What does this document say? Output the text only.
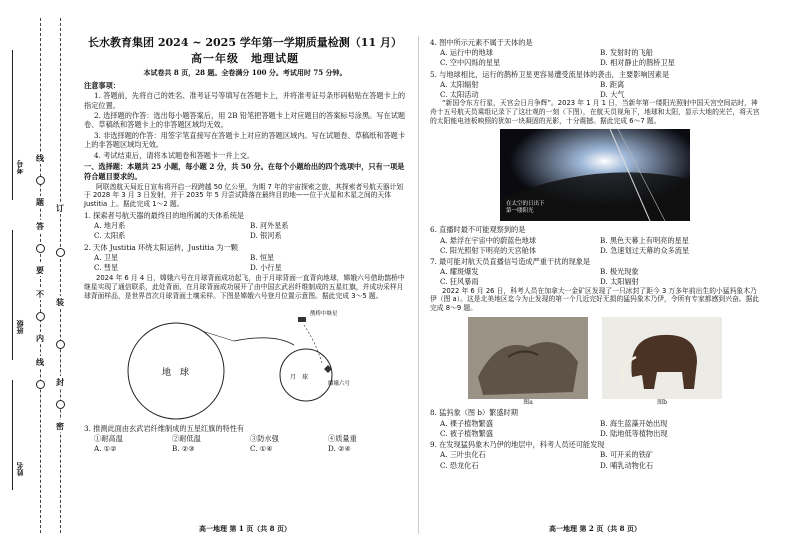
考号
班级
姓名
线
题
订
答
要
不
装
内
线
封
密
长水教育集团 2024 ~ 2025 学年第一学期质量检测（11 月）
高一年级　地理试题
本试卷共 8 页，28 题。全卷满分 100 分。考试用时 75 分钟。
注意事项：
1. 答题前，先将自己的姓名、准考证号等填写在答题卡上，并将准考证号条形码粘贴在答题卡上的指定位置。
2. 选择题的作答：选出每小题答案后，用 2B 铅笔把答题卡上对应题目的答案标号涂黑。写在试题卷、草稿纸和答题卡上的非答题区域均无效。
3. 非选择题的作答：用签字笔直接写在答题卡上对应的答题区域内。写在试题卷、草稿纸和答题卡上的非答题区域均无效。
4. 考试结束后，请将本试题卷和答题卡一并上交。
一、选择题：本题共 25 小题，每小题 2 分，共 50 分。在每个小题给出的四个选项中，只有一项是符合题目要求的。
阿联酋航天局近日宣布将开启一段跨越 50 亿公里，为期 7 年的宇宙探索之旅，其探索者号航天器计划于 2028 年 3 月 3 日发射，并于 2035 年 5 月尝试降落在最终目的地——位于火星和木星之间的天体 Justitia 上。据此完成 1～2 题。
1. 探索者号航天器的最终目的地所属的天体系统是
A. 地月系	B. 河外星系
C. 太阳系	D. 银河系
2. 天体 Justitia 环绕太阳运转，Justitia 为一颗
A. 卫星	B. 恒星
C. 彗星	D. 小行星
2024 年 6 月 4 日，嫦娥六号在月球背面成功起飞，由于月球背面一直背向地球，嫦娥六号借助鹊桥中继星实现了通信联系，此处背面，在月球背面成功展开了由中国玄武岩纤维制成的五星红旗，并成功采样月球背面样品，是世界首次月球背面土壤采样。下图是嫦娥六号登月位置示意图。据此完成 3～5 题。
地　球	月　球
鹊桥中继星
嫦娥六号
3. 推测此面由玄武岩纤维制成的五星红旗的特性有
①耐高温	②耐低温	③防水强	④质量重
A. ①②	B. ②③	C. ①④	D. ②④
高一地理 第 1 页（共 8 页）
4. 图中所示元素不属于天体的是
A. 运行中的地球	B. 发射时的飞船
C. 空中闪烁的星星	D. 相对静止的鹊桥卫星
5. 与地球相比，运行的鹊桥卫星更容易遭受流星体的袭击，主要影响因素是
A. 太阳辐射	B. 距离
C. 太阳活动	D. 大气
“新国令东方行星，天宫会日月争辉”。2023 年 1 月 1 日，当新年第一缕阳光照射中国天宫空间站时，神舟十五号航天员乘组记录下了这壮观的一刻（下图），在航天员视角下，地球和太阳，显示大地的光芒，将天宫的太阳能电池板映照的犹如一块凝固的光影，十分震撼。据此完成 6～7 题。
在太空的日出下
第一缕阳光
6. 直播时最不可能观察到的是
A. 悬浮在宇宙中的蔚蓝色地球	B. 黑色天幕上有明亮的星星
C. 阳光照射下明亮的天宫舱体	D. 急速划过天幕的众多流星
7. 最可能对航天员直播信号造成严重干扰的现象是
A. 耀斑爆发	B. 极光现象
C. 狂风暴雨	D. 太阳辐射
2022 年 6 月 26 日，科考人员在加拿大一金矿区发现了一只冰封了距今 3 万多年前出生的小猛犸象木乃伊（图 a）。这是北美地区迄今为止发现的第一个几近完好无损的猛犸象木乃伊，令所有专家都感到兴奋。据此完成 8～9 题。
图a	图b
8. 猛犸象（图 b）繁盛时期
A. 裸子植物繁盛	B. 海生蓝藻开始出现
C. 被子植物繁盛	D. 陆地低等植物出现
9. 在发现猛犸象木乃伊的地层中，科考人员还可能发现
A. 三叶虫化石	B. 可开采的铁矿
C. 恐龙化石	D. 哺乳动物化石
高一地理 第 2 页（共 8 页）
